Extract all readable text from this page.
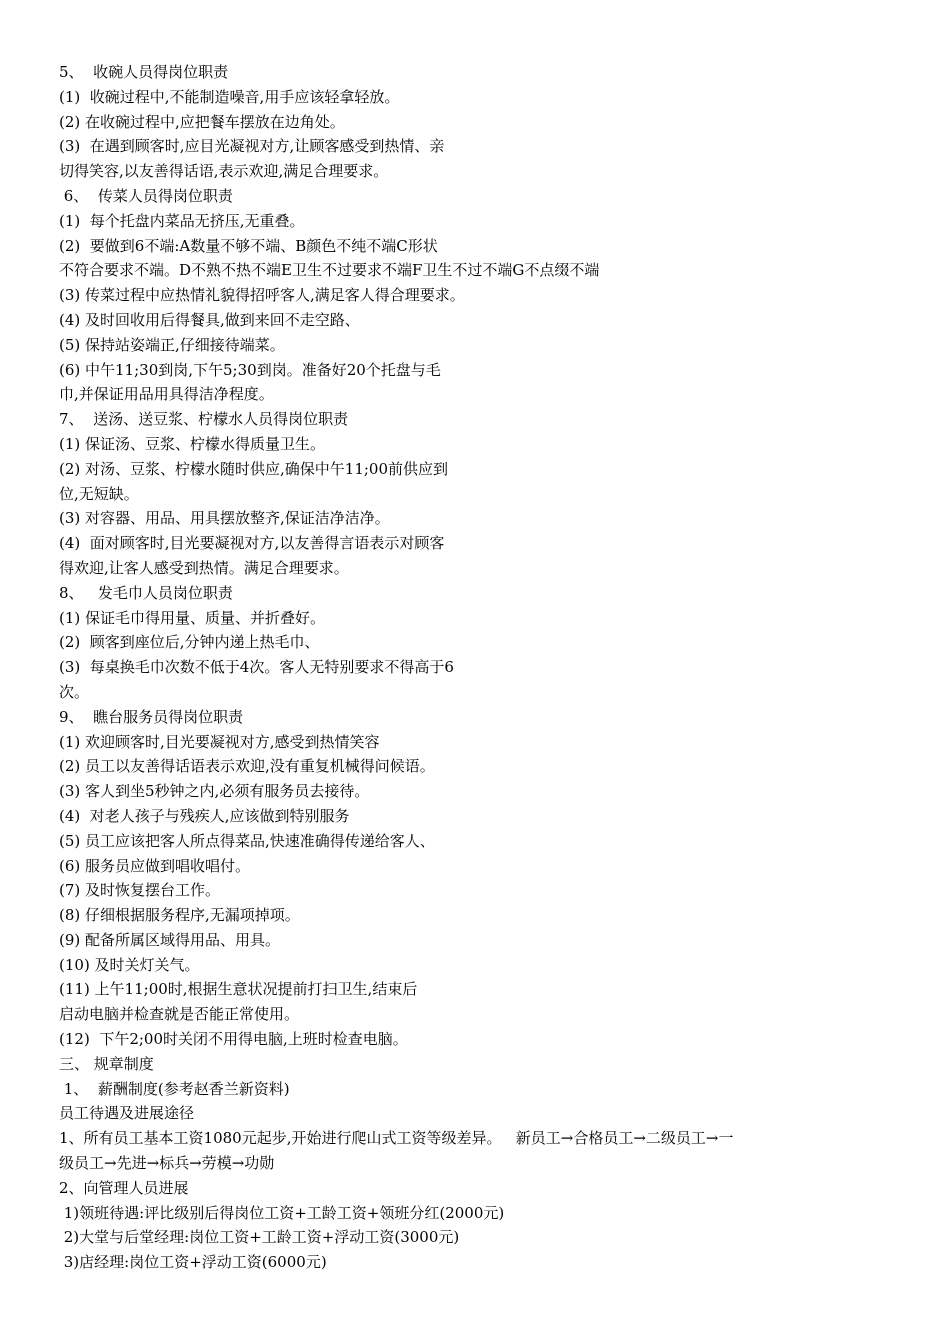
5、  收碗人员得岗位职责
(1)  收碗过程中,不能制造噪音,用手应该轻拿轻放。
(2) 在收碗过程中,应把餐车摆放在边角处。
(3)  在遇到顾客时,应目光凝视对方,让顾客感受到热情、亲
切得笑容,以友善得话语,表示欢迎,满足合理要求。
6、  传菜人员得岗位职责
(1)  每个托盘内菜品无挤压,无重叠。
(2)  要做到6不端:A数量不够不端、B颜色不纯不端C形状
不符合要求不端。D不熟不热不端E卫生不过要求不端F卫生不过不端G不点缀不端
(3) 传菜过程中应热情礼貌得招呼客人,满足客人得合理要求。
(4) 及时回收用后得餐具,做到来回不走空路、
(5) 保持站姿端正,仔细接待端菜。
(6) 中午11;30到岗,下午5;30到岗。准备好20个托盘与毛
巾,并保证用品用具得洁净程度。
7、  送汤、送豆浆、柠檬水人员得岗位职责
(1) 保证汤、豆浆、柠檬水得质量卫生。
(2) 对汤、豆浆、柠檬水随时供应,确保中午11;00前供应到
位,无短缺。
(3) 对容器、用品、用具摆放整齐,保证洁净洁净。
(4)  面对顾客时,目光要凝视对方,以友善得言语表示对顾客
得欢迎,让客人感受到热情。满足合理要求。
8、   发毛巾人员岗位职责
(1) 保证毛巾得用量、质量、并折叠好。
(2)  顾客到座位后,分钟内递上热毛巾、
(3)  每桌换毛巾次数不低于4次。客人无特别要求不得高于6
次。
9、  瞧台服务员得岗位职责
(1) 欢迎顾客时,目光要凝视对方,感受到热情笑容
(2) 员工以友善得话语表示欢迎,没有重复机械得问候语。
(3) 客人到坐5秒钟之内,必须有服务员去接待。
(4)  对老人孩子与残疾人,应该做到特别服务
(5) 员工应该把客人所点得菜品,快速准确得传递给客人、
(6) 服务员应做到唱收唱付。
(7) 及时恢复摆台工作。
(8) 仔细根据服务程序,无漏项掉项。
(9) 配备所属区域得用品、用具。
(10) 及时关灯关气。
(11) 上午11;00时,根据生意状况提前打扫卫生,结束后
启动电脑并检查就是否能正常使用。
(12)  下午2;00时关闭不用得电脑,上班时检查电脑。
三、 规章制度
1、  薪酬制度(参考赵香兰新资料)
员工待遇及进展途径
1、所有员工基本工资1080元起步,开始进行爬山式工资等级差异。   新员工→合格员工→二级员工→一
级员工→先进→标兵→劳模→功勋
2、向管理人员进展
1)领班待遇:评比级别后得岗位工资+工龄工资+领班分红(2000元)
2)大堂与后堂经理:岗位工资+工龄工资+浮动工资(3000元)
3)店经理:岗位工资+浮动工资(6000元)
